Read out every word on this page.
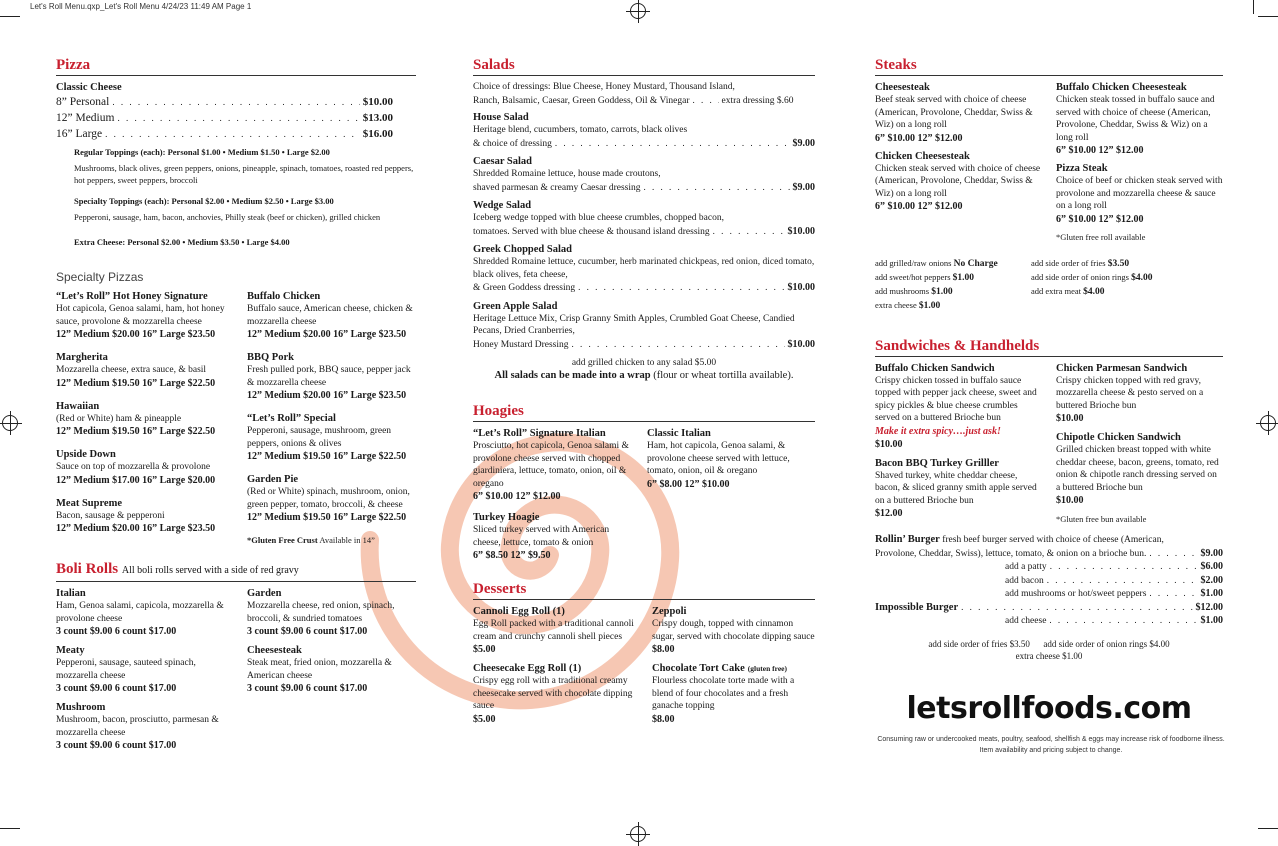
Let's Roll Menu.qxp_Let's Roll Menu 4/24/23 11:49 AM Page 1
Pizza
Classic Cheese
8” Personal . . .	$10.00
12” Medium . . .	$13.00
16” Large . . .	$16.00
Regular Toppings (each): Personal $1.00 • Medium $1.50 • Large $2.00
Mushrooms, black olives, green peppers, onions, pineapple, spinach, tomatoes, roasted red peppers, hot peppers, sweet peppers, broccoli
Specialty Toppings (each): Personal $2.00 • Medium $2.50 • Large $3.00
Pepperoni, sausage, ham, bacon, anchovies, Philly steak (beef or chicken), grilled chicken
Extra Cheese: Personal $2.00 • Medium $3.50 • Large $4.00
Specialty Pizzas
“Let’s Roll” Hot Honey Signature
Hot capicola, Genoa salami, ham, hot honey sauce, provolone & mozzarella cheese
12” Medium $20.00 16” Large $23.50
Margherita
Mozzarella cheese, extra sauce, & basil
12” Medium $19.50 16” Large $22.50
Hawaiian
(Red or White) ham & pineapple
12” Medium $19.50 16” Large $22.50
Upside Down
Sauce on top of mozzarella & provolone
12” Medium $17.00 16” Large $20.00
Meat Supreme
Bacon, sausage & pepperoni
12” Medium $20.00 16” Large $23.50
Buffalo Chicken
Buffalo sauce, American cheese, chicken & mozzarella cheese
12” Medium $20.00 16” Large $23.50
BBQ Pork
Fresh pulled pork, BBQ sauce, pepper jack & mozzarella cheese
12” Medium $20.00 16” Large $23.50
“Let’s Roll” Special
Pepperoni, sausage, mushroom, green peppers, onions & olives
12” Medium $19.50 16” Large $22.50
Garden Pie
(Red or White) spinach, mushroom, onion, green pepper, tomato, broccoli, & cheese
12” Medium $19.50 16” Large $22.50
*Gluten Free Crust Available in 14”
Boli Rolls All boli rolls served with a side of red gravy
Italian
Ham, Genoa salami, capicola, mozzarella & provolone cheese
3 count $9.00 6 count $17.00
Meaty
Pepperoni, sausage, sauteed spinach, mozzarella cheese
3 count $9.00 6 count $17.00
Mushroom
Mushroom, bacon, prosciutto, parmesan & mozzarella cheese
3 count $9.00 6 count $17.00
Garden
Mozzarella cheese, red onion, spinach, broccoli, & sundried tomatoes
3 count $9.00 6 count $17.00
Cheesesteak
Steak meat, fried onion, mozzarella & American cheese
3 count $9.00 6 count $17.00
Salads
Choice of dressings: Blue Cheese, Honey Mustard, Thousand Island,
Ranch, Balsamic, Caesar, Green Goddess, Oil & Vinegar . . .	extra dressing $.60
House Salad
Heritage blend, cucumbers, tomato, carrots, black olives
& choice of dressing . . .	$9.00
Caesar Salad
Shredded Romaine lettuce, house made croutons,
shaved parmesan & creamy Caesar dressing . . .	$9.00
Wedge Salad
Iceberg wedge topped with blue cheese crumbles, chopped bacon,
tomatoes. Served with blue cheese & thousand island dressing . . .	$10.00
Greek Chopped Salad
Shredded Romaine lettuce, cucumber, herb marinated chickpeas, red onion, diced tomato, black olives, feta cheese,
& Green Goddess dressing . . .	$10.00
Green Apple Salad
Heritage Lettuce Mix, Crisp Granny Smith Apples, Crumbled Goat Cheese, Candied Pecans, Dried Cranberries,
Honey Mustard Dressing . . .	$10.00
add grilled chicken to any salad $5.00
All salads can be made into a wrap (flour or wheat tortilla available).
Hoagies
“Let’s Roll” Signature Italian
Prosciutto, hot capicola, Genoa salami & provolone cheese served with chopped giardiniera, lettuce, tomato, onion, oil & oregano
6” $10.00 12” $12.00
Turkey Hoagie
Sliced turkey served with American cheese, lettuce, tomato & onion
6” $8.50 12” $9.50
Classic Italian
Ham, hot capicola, Genoa salami, & provolone cheese served with lettuce, tomato, onion, oil & oregano
6” $8.00 12” $10.00
Desserts
Cannoli Egg Roll (1)
Egg Roll packed with a traditional cannoli cream and crunchy cannoli shell pieces
$5.00
Cheesecake Egg Roll (1)
Crispy egg roll with a traditional creamy cheesecake served with chocolate dipping sauce
$5.00
Zeppoli
Crispy dough, topped with cinnamon sugar, served with chocolate dipping sauce
$8.00
Chocolate Tort Cake (gluten free)
Flourless chocolate torte made with a blend of four chocolates and a fresh ganache topping
$8.00
Steaks
Cheesesteak
Beef steak served with choice of cheese (American, Provolone, Cheddar, Swiss & Wiz) on a long roll
6” $10.00 12” $12.00
Chicken Cheesesteak
Chicken steak served with choice of cheese (American, Provolone, Cheddar, Swiss & Wiz) on a long roll
6” $10.00 12” $12.00
Buffalo Chicken Cheesesteak
Chicken steak tossed in buffalo sauce and served with choice of cheese (American, Provolone, Cheddar, Swiss & Wiz) on a long roll
6” $10.00 12” $12.00
Pizza Steak
Choice of beef or chicken steak served with provolone and mozzarella cheese & sauce on a long roll
6” $10.00 12” $12.00
*Gluten free roll available
add grilled/raw onions No Charge
add sweet/hot peppers $1.00
add mushrooms $1.00
extra cheese $1.00
add side order of fries $3.50
add side order of onion rings $4.00
add extra meat $4.00
Sandwiches & Handhelds
Buffalo Chicken Sandwich
Crispy chicken tossed in buffalo sauce topped with pepper jack cheese, sweet and spicy pickles & blue cheese crumbles served on a buttered Brioche bun
Make it extra spicy….just ask!
$10.00
Bacon BBQ Turkey Grilller
Shaved turkey, white cheddar cheese, bacon, & sliced granny smith apple served on a buttered Brioche bun
$12.00
Chicken Parmesan Sandwich
Crispy chicken topped with red gravy, mozzarella cheese & pesto served on a buttered Brioche bun
$10.00
Chipotle Chicken Sandwich
Grilled chicken breast topped with white cheddar cheese, bacon, greens, tomato, red onion & chipotle ranch dressing served on a buttered Brioche bun
$10.00
*Gluten free bun available
Rollin’ Burger fresh beef burger served with choice of cheese (American,
Provolone, Cheddar, Swiss), lettuce, tomato, & onion on a brioche bun. . . .	$9.00
add a patty . . .	$6.00
add bacon . . .	$2.00
add mushrooms or hot/sweet peppers . . .	$1.00
Impossible Burger . . .	$12.00
add cheese . . .	$1.00
add side order of fries $3.50 add side order of onion rings $4.00
extra cheese $1.00
letsrollfoods.com
Consuming raw or undercooked meats, poultry, seafood, shellfish & eggs may increase risk of foodborne illness.
Item availability and pricing subject to change.
